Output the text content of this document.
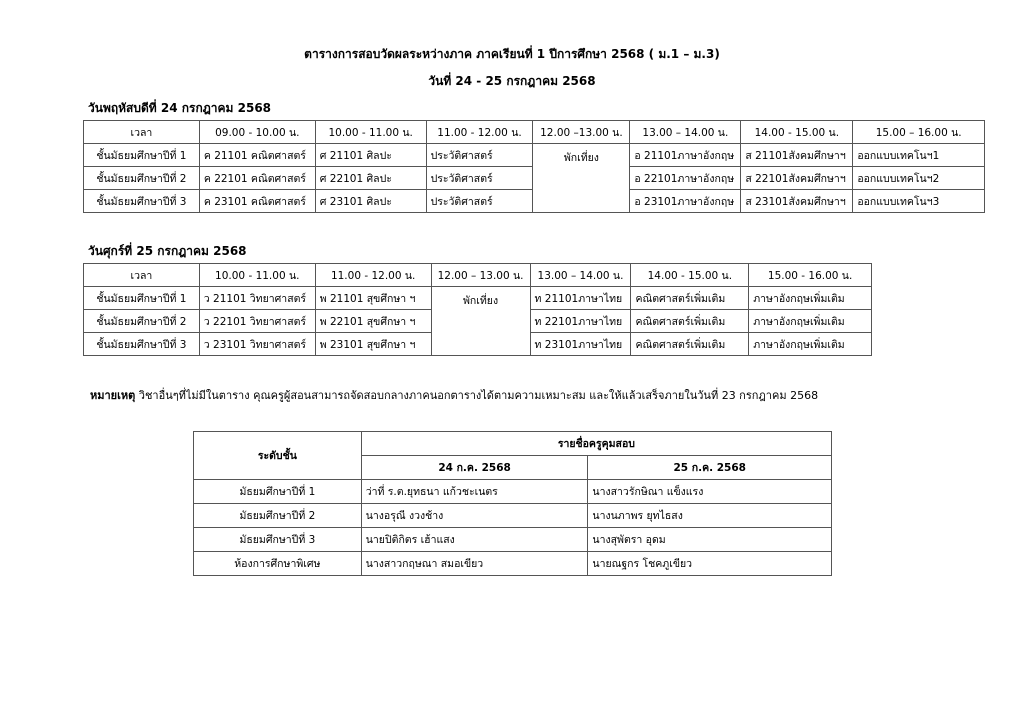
ตารางการสอบวัดผลระหว่างภาค ภาคเรียนที่ 1 ปีการศึกษา 2568 ( ม.1 – ม.3)
วันที่ 24 - 25 กรกฎาคม 2568
วันพฤหัสบดีที่ 24 กรกฎาคม 2568
เวลา	09.00 - 10.00 น.	10.00 - 11.00 น.	11.00 - 12.00 น.	12.00 –13.00 น.	13.00 – 14.00 น.	14.00 - 15.00 น.	15.00 – 16.00 น.
ชั้นมัธยมศึกษาปีที่ 1	ค 21101 คณิตศาสตร์	ศ 21101 ศิลปะ	ประวัติศาสตร์	พักเที่ยง	อ 21101ภาษาอังกฤษ	ส 21101สังคมศึกษาฯ	ออกแบบเทคโนฯ1
ชั้นมัธยมศึกษาปีที่ 2	ค 22101 คณิตศาสตร์	ศ 22101 ศิลปะ	ประวัติศาสตร์		อ 22101ภาษาอังกฤษ	ส 22101สังคมศึกษาฯ	ออกแบบเทคโนฯ2
ชั้นมัธยมศึกษาปีที่ 3	ค 23101 คณิตศาสตร์	ศ 23101 ศิลปะ	ประวัติศาสตร์		อ 23101ภาษาอังกฤษ	ส 23101สังคมศึกษาฯ	ออกแบบเทคโนฯ3
วันศุกร์ที่ 25 กรกฎาคม 2568
เวลา	10.00 - 11.00 น.	11.00 - 12.00 น.	12.00 – 13.00 น.	13.00 – 14.00 น.	14.00 - 15.00 น.	15.00 - 16.00 น.
ชั้นมัธยมศึกษาปีที่ 1	ว 21101 วิทยาศาสตร์	พ 21101 สุขศึกษา ฯ	พักเที่ยง	ท 21101ภาษาไทย	คณิตศาสตร์เพิ่มเติม	ภาษาอังกฤษเพิ่มเติม
ชั้นมัธยมศึกษาปีที่ 2	ว 22101 วิทยาศาสตร์	พ 22101 สุขศึกษา ฯ		ท 22101ภาษาไทย	คณิตศาสตร์เพิ่มเติม	ภาษาอังกฤษเพิ่มเติม
ชั้นมัธยมศึกษาปีที่ 3	ว 23101 วิทยาศาสตร์	พ 23101 สุขศึกษา ฯ		ท 23101ภาษาไทย	คณิตศาสตร์เพิ่มเติม	ภาษาอังกฤษเพิ่มเติม
หมายเหตุ วิชาอื่นๆที่ไม่มีในตาราง คุณครูผู้สอนสามารถจัดสอบกลางภาคนอกตารางได้ตามความเหมาะสม และให้แล้วเสร็จภายในวันที่ 23 กรกฎาคม 2568
ระดับชั้น	รายชื่อครูคุมสอบ	
	24 ก.ค. 2568	25 ก.ค. 2568
มัธยมศึกษาปีที่ 1	ว่าที่ ร.ต.ยุทธนา แก้วชะเนตร	นางสาวรักษิณา แข็งแรง
มัธยมศึกษาปีที่ 2	นางอรุณี งวงช้าง	นางนภาพร ยุทไธสง
มัธยมศึกษาปีที่ 3	นายปิติกิตร เฮ้าแสง	นางสุพัตรา อุดม
ห้องการศึกษาพิเศษ	นางสาวกฤษณา สมอเขียว	นายณฐกร โชคภูเขียว
